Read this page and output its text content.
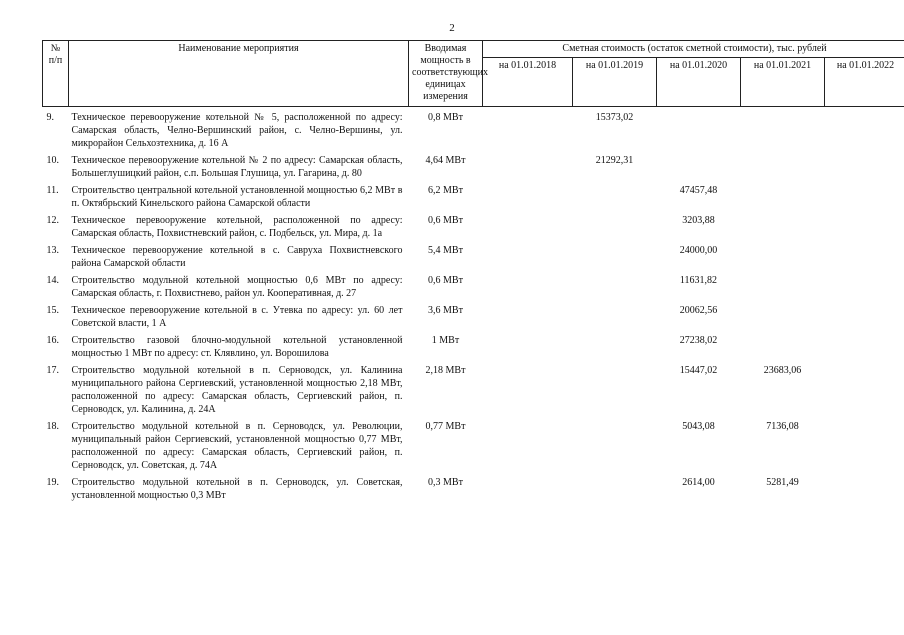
2
№ п/п	Наименование мероприятия	Вводимая мощность в соответствующих единицах измерения	Сметная стоимость (остаток сметной стоимости), тыс. рублей				
			на 01.01.2018	на 01.01.2019	на 01.01.2020	на 01.01.2021	на 01.01.2022
9.	Техническое перевооружение котельной № 5, расположенной по адресу: Самарская область, Челно-Вершинский район, с. Челно-Вершины, ул. микрорайон Сельхозтехника, д. 16 А	0,8 МВт		15373,02			
10.	Техническое перевооружение котельной № 2 по адресу: Самарская область, Большеглушицкий район, с.п. Большая Глушица, ул. Гагарина, д. 80	4,64 МВт		21292,31			
11.	Строительство центральной котельной установленной мощностью 6,2 МВт в п. Октябрьский Кинельского района Самарской области	6,2 МВт			47457,48		
12.	Техническое перевооружение котельной, расположенной по адресу: Самарская область, Похвистневский район, с. Подбельск, ул. Мира, д. 1а	0,6 МВт			3203,88		
13.	Техническое перевооружение котельной в с. Савруха Похвистневского района Самарской области	5,4 МВт			24000,00		
14.	Строительство модульной котельной мощностью 0,6 МВт по адресу: Самарская область, г. Похвистнево, район ул. Кооперативная, д. 27	0,6 МВт			11631,82		
15.	Техническое перевооружение котельной в с. Утевка по адресу: ул. 60 лет Советской власти, 1 А	3,6 МВт			20062,56		
16.	Строительство газовой блочно-модульной котельной установленной мощностью 1 МВт по адресу: ст. Клявлино, ул. Ворошилова	1 МВт			27238,02		
17.	Строительство модульной котельной в п. Серноводск, ул. Калинина муниципального района Сергиевский, установленной мощностью 2,18 МВт, расположенной по адресу: Самарская область, Сергиевский район, п. Серноводск, ул. Калинина, д. 24А	2,18 МВт			15447,02	23683,06	
18.	Строительство модульной котельной в п. Серноводск, ул. Революции, муниципальный район Сергиевский, установленной мощностью 0,77 МВт, расположенной по адресу: Самарская область, Сергиевский район, п. Серноводск, ул. Советская, д. 74А	0,77 МВт			5043,08	7136,08	
19.	Строительство модульной котельной в п. Серноводск, ул. Советская, установленной мощностью 0,3 МВт	0,3 МВт			2614,00	5281,49	
